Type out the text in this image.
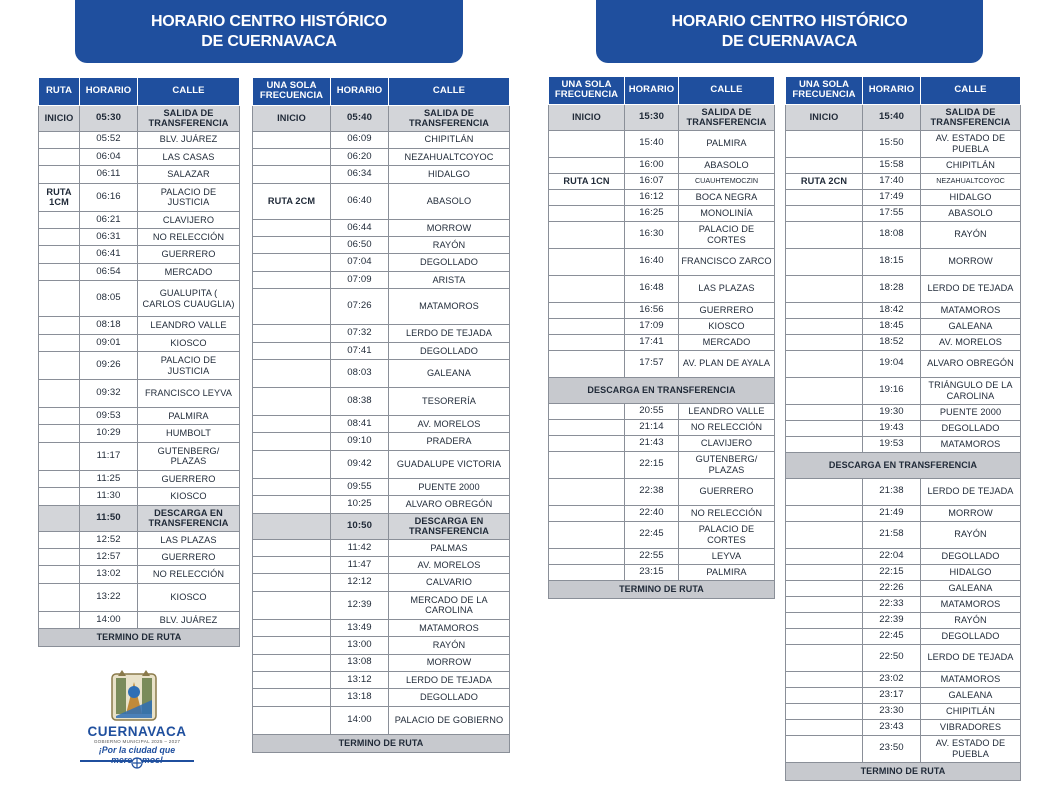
HORARIO CENTRO HISTÓRICO
DE CUERNAVACA
HORARIO CENTRO HISTÓRICO
DE CUERNAVACA
RUTA	HORARIO	CALLE
INICIO	05:30	SALIDA DE TRANSFERENCIA
	05:52	BLV. JUÁREZ
	06:04	LAS CASAS
	06:11	SALAZAR
RUTA 1CM	06:16	PALACIO DE JUSTICIA
	06:21	CLAVIJERO
	06:31	NO RELECCIÓN
	06:41	GUERRERO
	06:54	MERCADO
	08:05	GUALUPITA ( CARLOS CUAUGLIA)
	08:18	LEANDRO VALLE
	09:01	KIOSCO
	09:26	PALACIO DE JUSTICIA
	09:32	FRANCISCO LEYVA
	09:53	PALMIRA
	10:29	HUMBOLT
	11:17	GUTENBERG/ PLAZAS
	11:25	GUERRERO
	11:30	KIOSCO
	11:50	DESCARGA EN TRANSFERENCIA
	12:52	LAS PLAZAS
	12:57	GUERRERO
	13:02	NO RELECCIÓN
	13:22	KIOSCO
	14:00	BLV. JUÁREZ
TERMINO DE RUTA		
UNA SOLA FRECUENCIA	HORARIO	CALLE
INICIO	05:40	SALIDA DE TRANSFERENCIA
	06:09	CHIPITLÁN
	06:20	NEZAHUALTCOYOC
	06:34	HIDALGO
RUTA 2CM	06:40	ABASOLO
	06:44	MORROW
	06:50	RAYÓN
	07:04	DEGOLLADO
	07:09	ARISTA
	07:26	MATAMOROS
	07:32	LERDO DE TEJADA
	07:41	DEGOLLADO
	08:03	GALEANA
	08:38	TESORERÍA
	08:41	AV. MORELOS
	09:10	PRADERA
	09:42	GUADALUPE VICTORIA
	09:55	PUENTE 2000
	10:25	ALVARO OBREGÓN
	10:50	DESCARGA EN TRANSFERENCIA
	11:42	PALMAS
	11:47	AV. MORELOS
	12:12	CALVARIO
	12:39	MERCADO DE LA CAROLINA
	13:49	MATAMOROS
	13:00	RAYÓN
	13:08	MORROW
	13:12	LERDO DE TEJADA
	13:18	DEGOLLADO
	14:00	PALACIO DE GOBIERNO
TERMINO DE RUTA		
UNA SOLA FRECUENCIA	HORARIO	CALLE
INICIO	15:30	SALIDA DE TRANSFERENCIA
	15:40	PALMIRA
	16:00	ABASOLO
RUTA 1CN	16:07	CUAUHTEMOCZIN
	16:12	BOCA NEGRA
	16:25	MONOLINÍA
	16:30	PALACIO DE CORTES
	16:40	FRANCISCO ZARCO
	16:48	LAS PLAZAS
	16:56	GUERRERO
	17:09	KIOSCO
	17:41	MERCADO
	17:57	AV. PLAN DE AYALA
DESCARGA EN TRANSFERENCIA		
	20:55	LEANDRO VALLE
	21:14	NO RELECCIÓN
	21:43	CLAVIJERO
	22:15	GUTENBERG/ PLAZAS
	22:38	GUERRERO
	22:40	NO RELECCIÓN
	22:45	PALACIO DE CORTES
	22:55	LEYVA
	23:15	PALMIRA
TERMINO DE RUTA		
UNA SOLA FRECUENCIA	HORARIO	CALLE
INICIO	15:40	SALIDA DE TRANSFERENCIA
	15:50	AV. ESTADO DE PUEBLA
	15:58	CHIPITLÁN
RUTA 2CN	17:40	NEZAHUALTCOYOC
	17:49	HIDALGO
	17:55	ABASOLO
	18:08	RAYÓN
	18:15	MORROW
	18:28	LERDO DE TEJADA
	18:42	MATAMOROS
	18:45	GALEANA
	18:52	AV. MORELOS
	19:04	ALVARO OBREGÓN
	19:16	TRIÁNGULO DE LA CAROLINA
	19:30	PUENTE 2000
	19:43	DEGOLLADO
	19:53	MATAMOROS
DESCARGA EN TRANSFERENCIA		
	21:38	LERDO DE TEJADA
	21:49	MORROW
	21:58	RAYÓN
	22:04	DEGOLLADO
	22:15	HIDALGO
	22:26	GALEANA
	22:33	MATAMOROS
	22:39	RAYÓN
	22:45	DEGOLLADO
	22:50	LERDO DE TEJADA
	23:02	MATAMOROS
	23:17	GALEANA
	23:30	CHIPITLÁN
	23:43	VIBRADORES
	23:50	AV. ESTADO DE PUEBLA
TERMINO DE RUTA		
CUERNAVACA
GOBIERNO MUNICIPAL 2025 – 2027
¡Por la ciudad que
